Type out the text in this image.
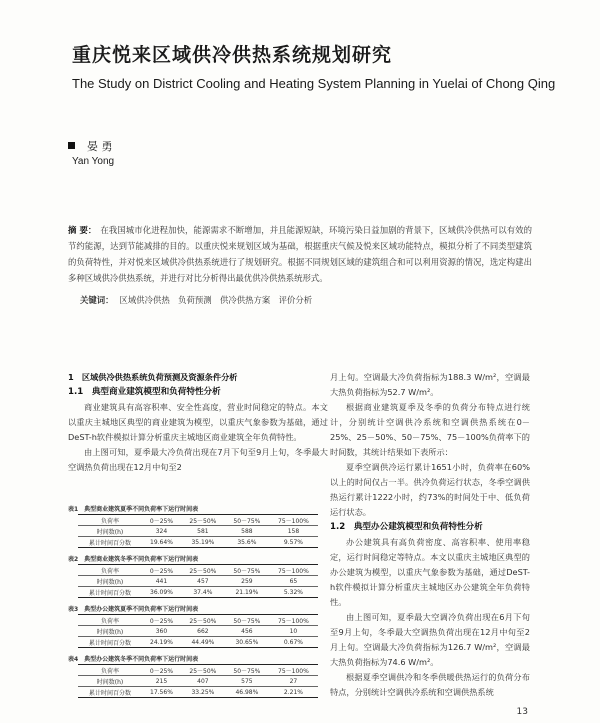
重庆悦来区域供冷供热系统规划研究
The Study on District Cooling and Heating System Planning in Yuelai of Chong Qing
晏 勇
Yan Yong
摘 要： 在我国城市化进程加快，能源需求不断增加，并且能源短缺，环境污染日益加剧的背景下，区域供冷供热可以有效的节约能源，达到节能减排的目的。以重庆悦来规划区域为基础，根据重庆气候及悦来区域功能特点，模拟分析了不同类型建筑的负荷特性，并对悦来区域供冷供热系统进行了规划研究。根据不同规划区域的建筑组合和可以利用资源的情况，选定构建出多种区域供冷供热系统，并进行对比分析得出最优供冷供热系统形式。
关键词： 区域供冷供热　负荷预测　供冷供热方案　评价分析

1　区域供冷供热系统负荷预测及资源条件分析

1.1　典型商业建筑模型和负荷特性分析

商业建筑具有高容积率、安全性高度，营业时间稳定的特点。本文以重庆主城地区典型的商业建筑为模型，以重庆气象参数为基础，通过DeST-h软件模拟计算分析重庆主城地区商业建筑全年负荷特性。

由上图可知，夏季最大冷负荷出现在7月下旬至9月上旬，冬季最大空调热负荷出现在12月中旬至2

表1　典型商业建筑夏季不同负荷率下运行时间表
负荷率	0－25%	25－50%	50－75%	75－100%
时间数(h)	324	581	588	158
累计时间百分数	19.64%	35.19%	35.6%	9.57%
表2　典型商业建筑冬季不同负荷率下运行时间表
负荷率	0－25%	25－50%	50－75%	75－100%
时间数(h)	441	457	259	65
累计时间百分数	36.09%	37.4%	21.19%	5.32%
表3　典型办公建筑夏季不同负荷率下运行时间表
负荷率	0－25%	25－50%	50－75%	75－100%
时间数(h)	360	662	456	10
累计时间百分数	24.19%	44.49%	30.65%	0.67%
表4　典型办公建筑冬季不同负荷率下运行时间表
负荷率	0－25%	25－50%	50－75%	75－100%
时间数(h)	215	407	575	27
累计时间百分数	17.56%	33.25%	46.98%	2.21%

月上旬。空调最大冷负荷指标为188.3 W/m²，空调最大热负荷指标为52.7 W/m²。

根据商业建筑夏季及冬季的负荷分布特点进行统计，分别统计空调供冷系统和空调供热系统在0－25%、25－50%、50－75%、75－100%负荷率下的时间数，其统计结果如下表所示：

夏季空调供冷运行累计1651小时，负荷率在60%以上的时间仅占一半。供冷负荷运行状态，冬季空调供热运行累计1222小时，约73%的时间处于中、低负荷运行状态。

1.2　典型办公建筑模型和负荷特性分析

办公建筑具有高负荷密度、高容积率、使用率稳定，运行时间稳定等特点。本文以重庆主城地区典型的办公建筑为模型，以重庆气象参数为基础，通过DeST-h软件模拟计算分析重庆主城地区办公建筑全年负荷特性。

由上图可知，夏季最大空调冷负荷出现在6月下旬至9月上旬，冬季最大空调热负荷出现在12月中旬至2月上旬。空调最大冷负荷指标为126.7 W/m²，空调最大热负荷指标为74.6 W/m²。

根据夏季空调供冷和冬季供暖供热运行的负荷分布特点，分别统计空调供冷系统和空调供热系统

13
